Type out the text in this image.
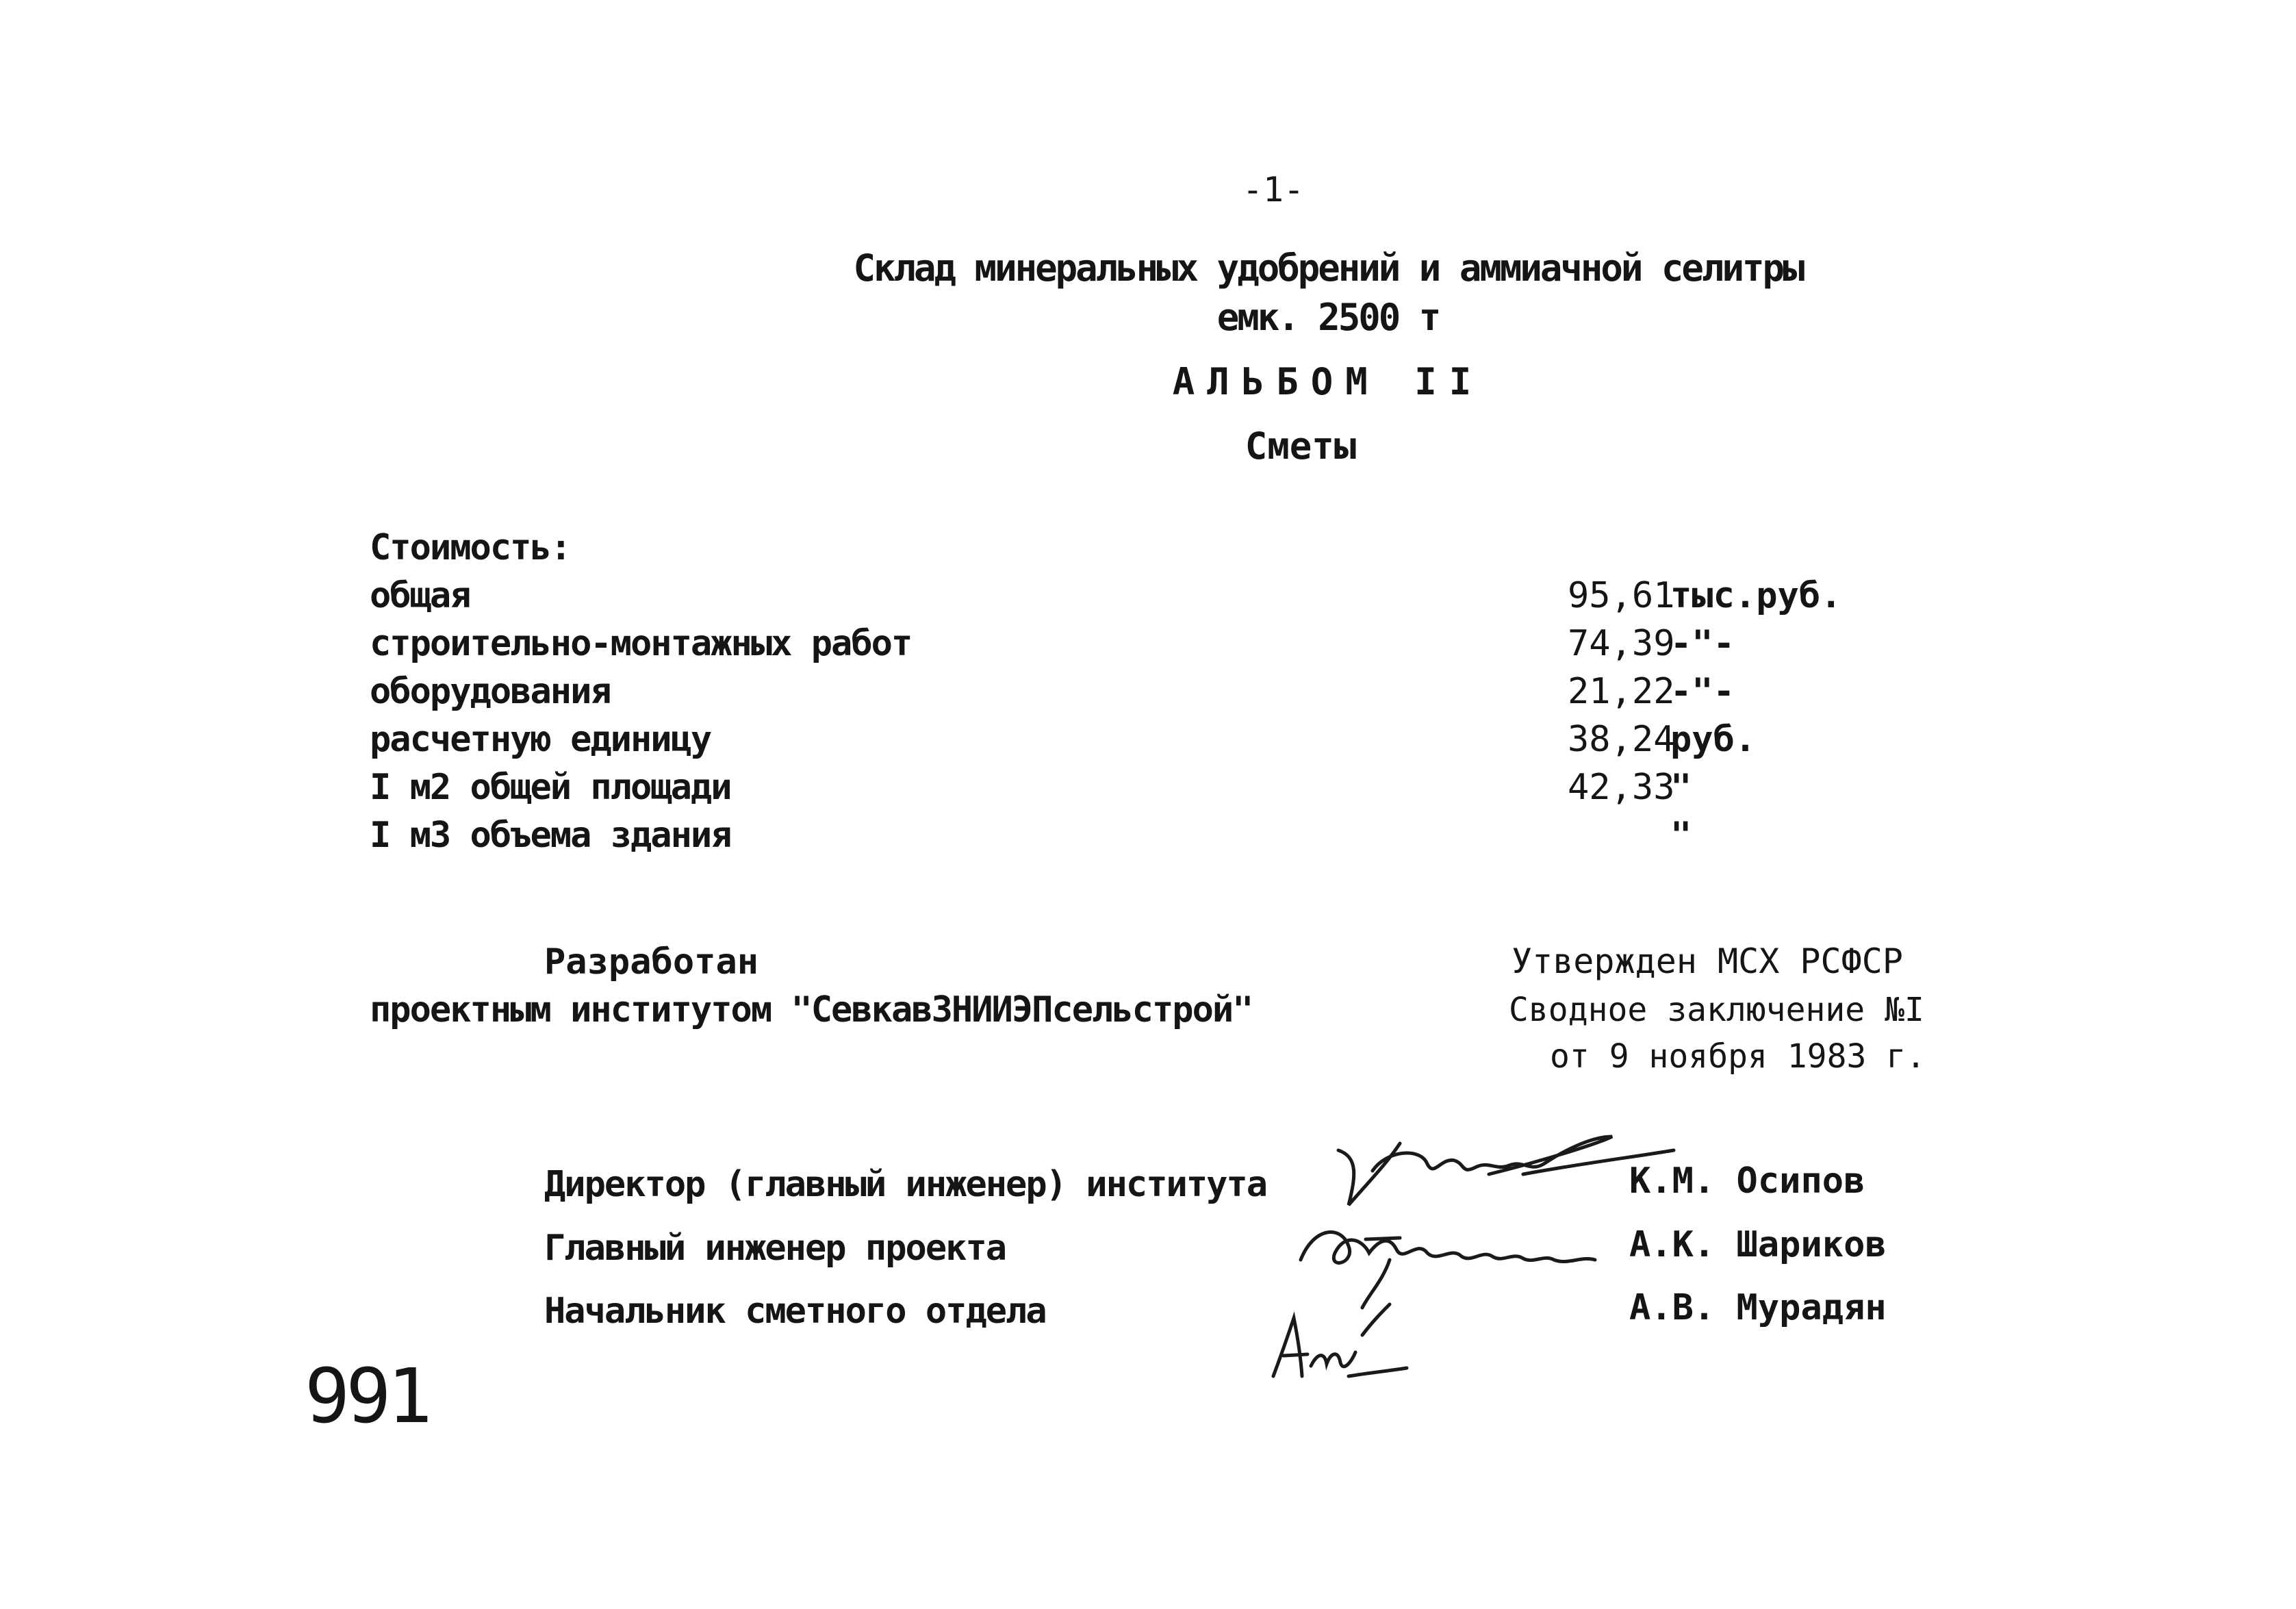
-1-
Склад минеральных удобрений и аммиачной селитры
емк. 2500 т
АЛЬБОМ II
Сметы
Стоимость:
общая
строительно-монтажных работ
оборудования
расчетную единицу
I м2 общей площади
I м3 объема здания
95,61
тыс.руб.
74,39
-"-
21,22
-"-
38,24
руб.
42,33
"
"
Разработан
проектным институтом "СевкавЗНИИЭПсельстрой"
Утвержден МСХ РСФСР
Сводное заключение №I
от 9 ноября 1983 г.
Директор (главный инженер) института
Главный инженер проекта
Начальник сметного отдела
К.М. Осипов
А.К. Шариков
А.В. Мурадян
991
